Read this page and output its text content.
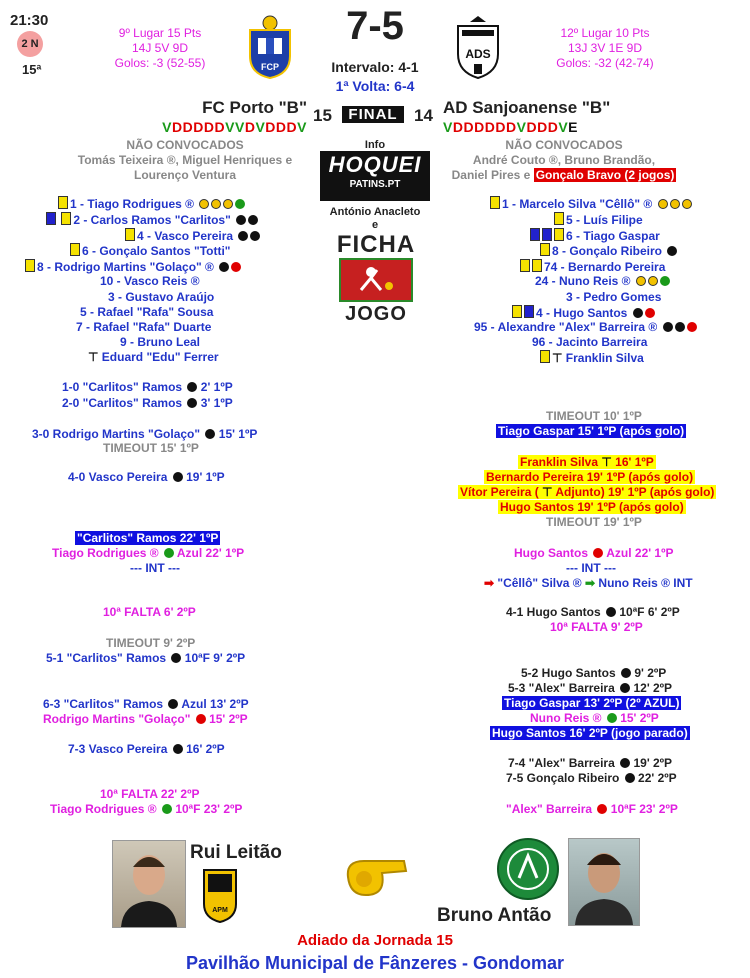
21:30
2 N
15ª
9º Lugar 15 Pts
14J 5V 9D
Golos: -3 (52-55)	FCP
7-5
Intervalo: 4-1
1ª Volta: 6-4
ADS
12º Lugar 10 Pts
13J 3V 1E 9D
Golos: -32 (42-74)
FC Porto "B" 15	FINAL 14 AD Sanjoanense "B"
VDDDDDVVDVDDDV	VDDDDDDVDDDVE
Info
HOQUEI
PATINS.PT
António Anacleto
e
FICHA
JOGO
NÃO CONVOCADOS
Tomás Teixeira ®, Miguel Henriques e
Lourenço Ventura
NÃO CONVOCADOS
André Couto ®, Bruno Brandão,
Daniel Pires e Gonçalo Bravo (2 jogos)
1 - Tiago Rodrigues ®
2 - Carlos Ramos "Carlitos"
4 - Vasco Pereira
6 - Gonçalo Santos "Totti"
8 - Rodrigo Martins "Golaço" ®
10 - Vasco Reis ®
3 - Gustavo Araújo
5 - Rafael "Rafa" Sousa
7 - Rafael "Rafa" Duarte
9 - Bruno Leal
⊤ Eduard "Edu" Ferrer
1 - Marcelo Silva "Cêllô" ®
5 - Luís Filipe
6 - Tiago Gaspar
8 - Gonçalo Ribeiro
74 - Bernardo Pereira
24 - Nuno Reis ®
3 - Pedro Gomes
4 - Hugo Santos
95 - Alexandre "Alex" Barreira ®
96 - Jacinto Barreira
⊤ Franklin Silva
1-0 "Carlitos" Ramos 2' 1ºP
2-0 "Carlitos" Ramos 3' 1ºP
3-0 Rodrigo Martins "Golaço" 15' 1ºP
TIMEOUT 15' 1ºP
4-0 Vasco Pereira 19' 1ºP
"Carlitos" Ramos 22' 1ºP
Tiago Rodrigues ® Azul 22' 1ºP
--- INT ---
10ª FALTA 6' 2ºP
TIMEOUT 9' 2ºP
5-1 "Carlitos" Ramos 10ªF 9' 2ºP
6-3 "Carlitos" Ramos Azul 13' 2ºP
Rodrigo Martins "Golaço" 15' 2ºP
7-3 Vasco Pereira 16' 2ºP
10ª FALTA 22' 2ºP
Tiago Rodrigues ® 10ªF 23' 2ºP
TIMEOUT 10' 1ºP
Tiago Gaspar 15' 1ºP (após golo)
Franklin Silva ⊤ 16' 1ºP
Bernardo Pereira 19' 1ºP (após golo)
Vítor Pereira ( ⊤ Adjunto) 19' 1ºP (após golo)
Hugo Santos 19' 1ºP (após golo)
TIMEOUT 19' 1ºP
Hugo Santos Azul 22' 1ºP
--- INT ---
➡ "Cêllô" Silva ® ➡ Nuno Reis ® INT
4-1 Hugo Santos 10ªF 6' 2ºP
10ª FALTA 9' 2ºP
5-2 Hugo Santos 9' 2ºP
5-3 "Alex" Barreira 12' 2ºP
Tiago Gaspar 13' 2ºP (2º AZUL)
Nuno Reis ® 15' 2ºP
Hugo Santos 16' 2ºP (jogo parado)
7-4 "Alex" Barreira 19' 2ºP
7-5 Gonçalo Ribeiro 22' 2ºP
"Alex" Barreira 10ªF 23' 2ºP
Rui Leitão
APM	Bruno Antão
Adiado da Jornada 15
Pavilhão Municipal de Fânzeres - Gondomar
